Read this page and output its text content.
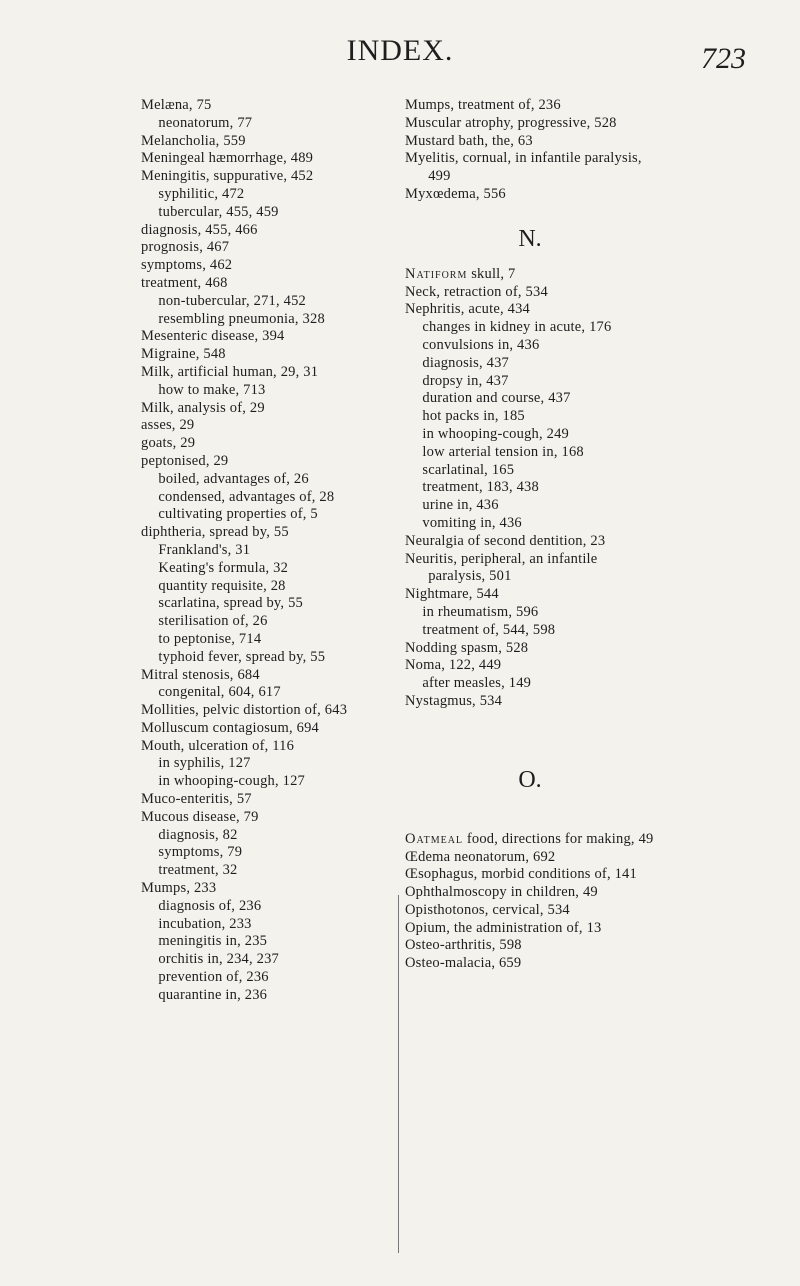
INDEX.	723
Melæna, 75
neonatorum, 77
Melancholia, 559
Meningeal hæmorrhage, 489
Meningitis, suppurative, 452
syphilitic, 472
tubercular, 455, 459
diagnosis, 455, 466
prognosis, 467
symptoms, 462
treatment, 468
non-tubercular, 271, 452
resembling pneumonia, 328
Mesenteric disease, 394
Migraine, 548
Milk, artificial human, 29, 31
how to make, 713
Milk, analysis of, 29
asses, 29
goats, 29
peptonised, 29
boiled, advantages of, 26
condensed, advantages of, 28
cultivating properties of, 5
diphtheria, spread by, 55
Frankland's, 31
Keating's formula, 32
quantity requisite, 28
scarlatina, spread by, 55
sterilisation of, 26
to peptonise, 714
typhoid fever, spread by, 55
Mitral stenosis, 684
congenital, 604, 617
Mollities, pelvic distortion of, 643
Molluscum contagiosum, 694
Mouth, ulceration of, 116
in syphilis, 127
in whooping-cough, 127
Muco-enteritis, 57
Mucous disease, 79
diagnosis, 82
symptoms, 79
treatment, 32
Mumps, 233
diagnosis of, 236
incubation, 233
meningitis in, 235
orchitis in, 234, 237
prevention of, 236
quarantine in, 236
Mumps, treatment of, 236
Muscular atrophy, progressive, 528
Mustard bath, the, 63
Myelitis, cornual, in infantile paralysis, 499
Myxœdema, 556
N.
Natiform skull, 7
Neck, retraction of, 534
Nephritis, acute, 434
changes in kidney in acute, 176
convulsions in, 436
diagnosis, 437
dropsy in, 437
duration and course, 437
hot packs in, 185
in whooping-cough, 249
low arterial tension in, 168
scarlatinal, 165
treatment, 183, 438
urine in, 436
vomiting in, 436
Neuralgia of second dentition, 23
Neuritis, peripheral, an infantile paralysis, 501
Nightmare, 544
in rheumatism, 596
treatment of, 544, 598
Nodding spasm, 528
Noma, 122, 449
after measles, 149
Nystagmus, 534
O.
Oatmeal food, directions for making, 49
Œdema neonatorum, 692
Œsophagus, morbid conditions of, 141
Ophthalmoscopy in children, 49
Opisthotonos, cervical, 534
Opium, the administration of, 13
Osteo-arthritis, 598
Osteo-malacia, 659
